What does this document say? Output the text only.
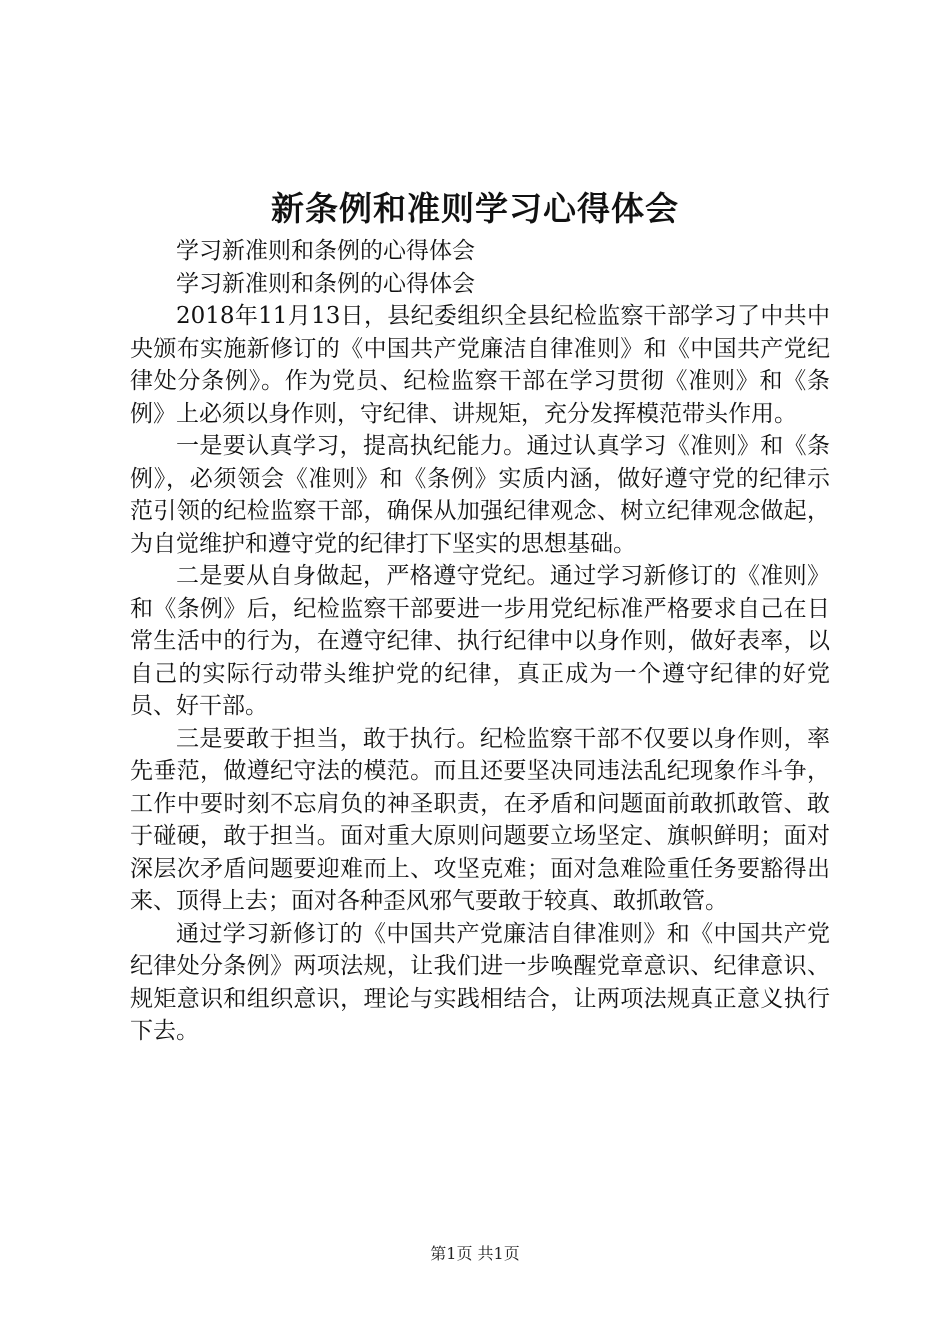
新条例和准则学习心得体会

学习新准则和条例的心得体会

学习新准则和条例的心得体会

2018年11月13日，县纪委组织全县纪检监察干部学习了中共中央颁布实施新修订的《中国共产党廉洁自律准则》和《中国共产党纪律处分条例》。作为党员、纪检监察干部在学习贯彻《准则》和《条例》上必须以身作则，守纪律、讲规矩，充分发挥模范带头作用。

一是要认真学习，提高执纪能力。通过认真学习《准则》和《条例》，必须领会《准则》和《条例》实质内涵，做好遵守党的纪律示范引领的纪检监察干部，确保从加强纪律观念、树立纪律观念做起，为自觉维护和遵守党的纪律打下坚实的思想基础。

二是要从自身做起，严格遵守党纪。通过学习新修订的《准则》和《条例》后，纪检监察干部要进一步用党纪标准严格要求自己在日常生活中的行为，在遵守纪律、执行纪律中以身作则，做好表率，以自己的实际行动带头维护党的纪律，真正成为一个遵守纪律的好党员、好干部。

三是要敢于担当，敢于执行。纪检监察干部不仅要以身作则，率先垂范，做遵纪守法的模范。而且还要坚决同违法乱纪现象作斗争，工作中要时刻不忘肩负的神圣职责，在矛盾和问题面前敢抓敢管、敢于碰硬，敢于担当。面对重大原则问题要立场坚定、旗帜鲜明；面对深层次矛盾问题要迎难而上、攻坚克难；面对急难险重任务要豁得出来、顶得上去；面对各种歪风邪气要敢于较真、敢抓敢管。

通过学习新修订的《中国共产党廉洁自律准则》和《中国共产党纪律处分条例》两项法规，让我们进一步唤醒党章意识、纪律意识、规矩意识和组织意识，理论与实践相结合，让两项法规真正意义执行下去。

第1页 共1页
